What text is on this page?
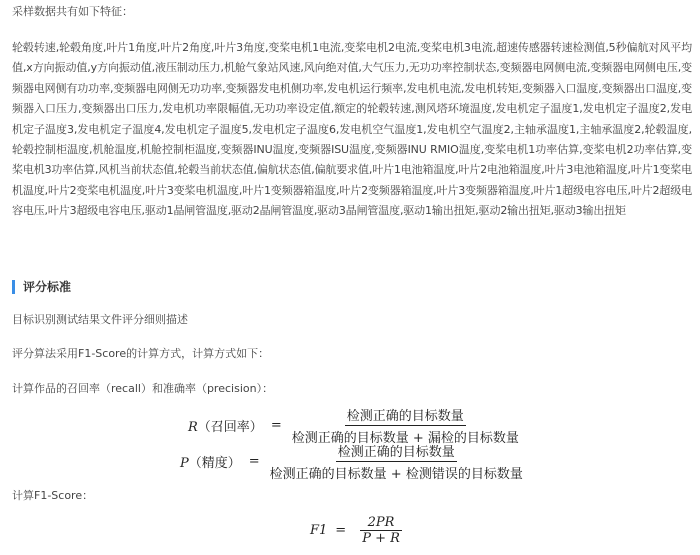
采样数据共有如下特征：
轮毂转速,轮毂角度,叶片1角度,叶片2角度,叶片3角度,变桨电机1电流,变桨电机2电流,变桨电机3电流,超速传感器转速检测值,5秒偏航对风平均值,x方向振动值,y方向振动值,液压制动压力,机舱气象站风速,风向绝对值,大气压力,无功功率控制状态,变频器电网侧电流,变频器电网侧电压,变频器电网侧有功功率,变频器电网侧无功功率,变频器发电机侧功率,发电机运行频率,发电机电流,发电机转矩,变频器入口温度,变频器出口温度,变频器入口压力,变频器出口压力,发电机功率限幅值,无功功率设定值,额定的轮毂转速,测风塔环境温度,发电机定子温度1,发电机定子温度2,发电机定子温度3,发电机定子温度4,发电机定子温度5,发电机定子温度6,发电机空气温度1,发电机空气温度2,主轴承温度1,主轴承温度2,轮毂温度,轮毂控制柜温度,机舱温度,机舱控制柜温度,变频器INU温度,变频器ISU温度,变频器INU RMIO温度,变桨电机1功率估算,变桨电机2功率估算,变桨电机3功率估算,风机当前状态值,轮毂当前状态值,偏航状态值,偏航要求值,叶片1电池箱温度,叶片2电池箱温度,叶片3电池箱温度,叶片1变桨电机温度,叶片2变桨电机温度,叶片3变桨电机温度,叶片1变频器箱温度,叶片2变频器箱温度,叶片3变频器箱温度,叶片1超级电容电压,叶片2超级电容电压,叶片3超级电容电压,驱动1晶闸管温度,驱动2晶闸管温度,驱动3晶闸管温度,驱动1输出扭矩,驱动2输出扭矩,驱动3输出扭矩
评分标准
目标识别测试结果文件评分细则描述
评分算法采用F1-Score的计算方式，计算方式如下：
计算作品的召回率（recall）和准确率（precision）：
R（召回率） = $\frac{\text{检测正确的目标数量}}{\text{检测正确的目标数量 + 漏检的目标数量}}$
P（精度） = $\frac{\text{检测正确的目标数量}}{\text{检测正确的目标数量 + 检测错误的目标数量}}$
计算F1-Score：
$F1 = \frac{2PR}{P + R}$
